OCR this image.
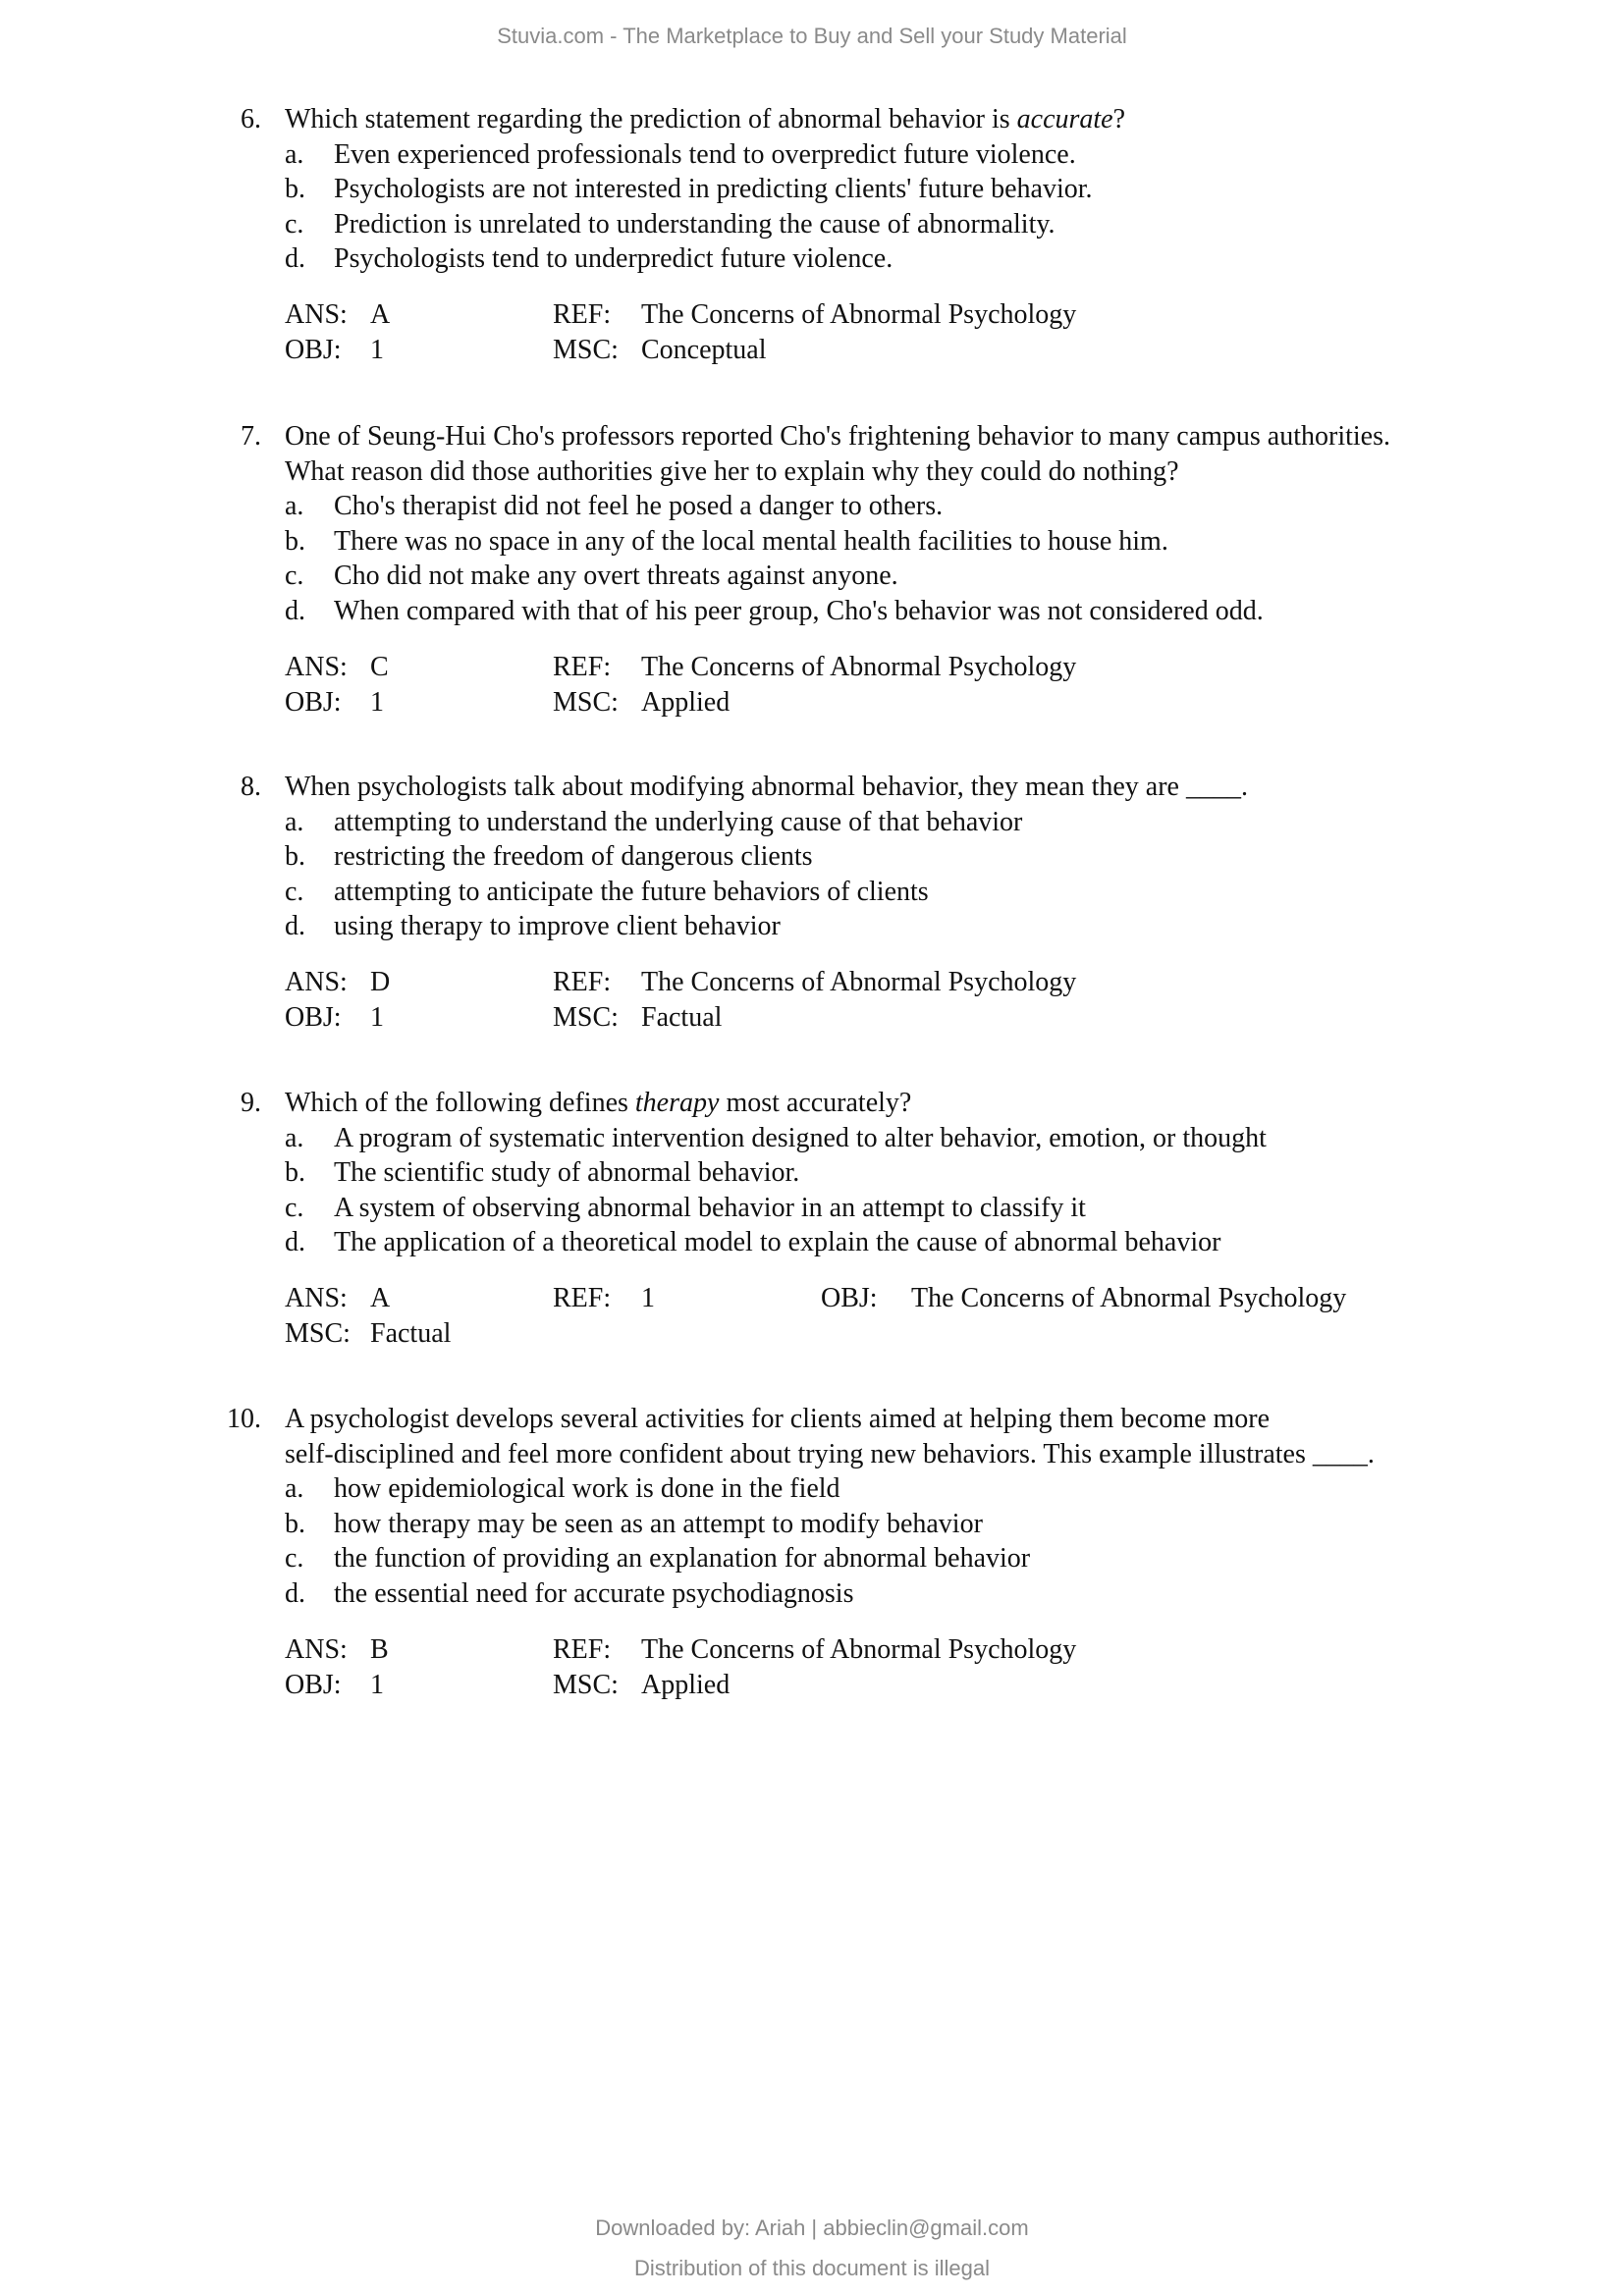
Stuvia.com - The Marketplace to Buy and Sell your Study Material
6. Which statement regarding the prediction of abnormal behavior is accurate?
a. Even experienced professionals tend to overpredict future violence.
b. Psychologists are not interested in predicting clients' future behavior.
c. Prediction is unrelated to understanding the cause of abnormality.
d. Psychologists tend to underpredict future violence.
ANS: A	REF: The Concerns of Abnormal Psychology
OBJ: 1	MSC: Conceptual
7. One of Seung-Hui Cho's professors reported Cho's frightening behavior to many campus authorities.
What reason did those authorities give her to explain why they could do nothing?
a. Cho's therapist did not feel he posed a danger to others.
b. There was no space in any of the local mental health facilities to house him.
c. Cho did not make any overt threats against anyone.
d. When compared with that of his peer group, Cho's behavior was not considered odd.
ANS: C	REF: The Concerns of Abnormal Psychology
OBJ: 1	MSC: Applied
8. When psychologists talk about modifying abnormal behavior, they mean they are ____.
a. attempting to understand the underlying cause of that behavior
b. restricting the freedom of dangerous clients
c. attempting to anticipate the future behaviors of clients
d. using therapy to improve client behavior
ANS: D	REF: The Concerns of Abnormal Psychology
OBJ: 1	MSC: Factual
9. Which of the following defines therapy most accurately?
a. A program of systematic intervention designed to alter behavior, emotion, or thought
b. The scientific study of abnormal behavior.
c. A system of observing abnormal behavior in an attempt to classify it
d. The application of a theoretical model to explain the cause of abnormal behavior
ANS: A	REF: 1	OBJ: The Concerns of Abnormal Psychology
MSC: Factual
10. A psychologist develops several activities for clients aimed at helping them become more
self-disciplined and feel more confident about trying new behaviors. This example illustrates ____.
a. how epidemiological work is done in the field
b. how therapy may be seen as an attempt to modify behavior
c. the function of providing an explanation for abnormal behavior
d. the essential need for accurate psychodiagnosis
ANS: B	REF: The Concerns of Abnormal Psychology
OBJ: 1	MSC: Applied
Downloaded by: Ariah | abbieclin@gmail.com
Distribution of this document is illegal
